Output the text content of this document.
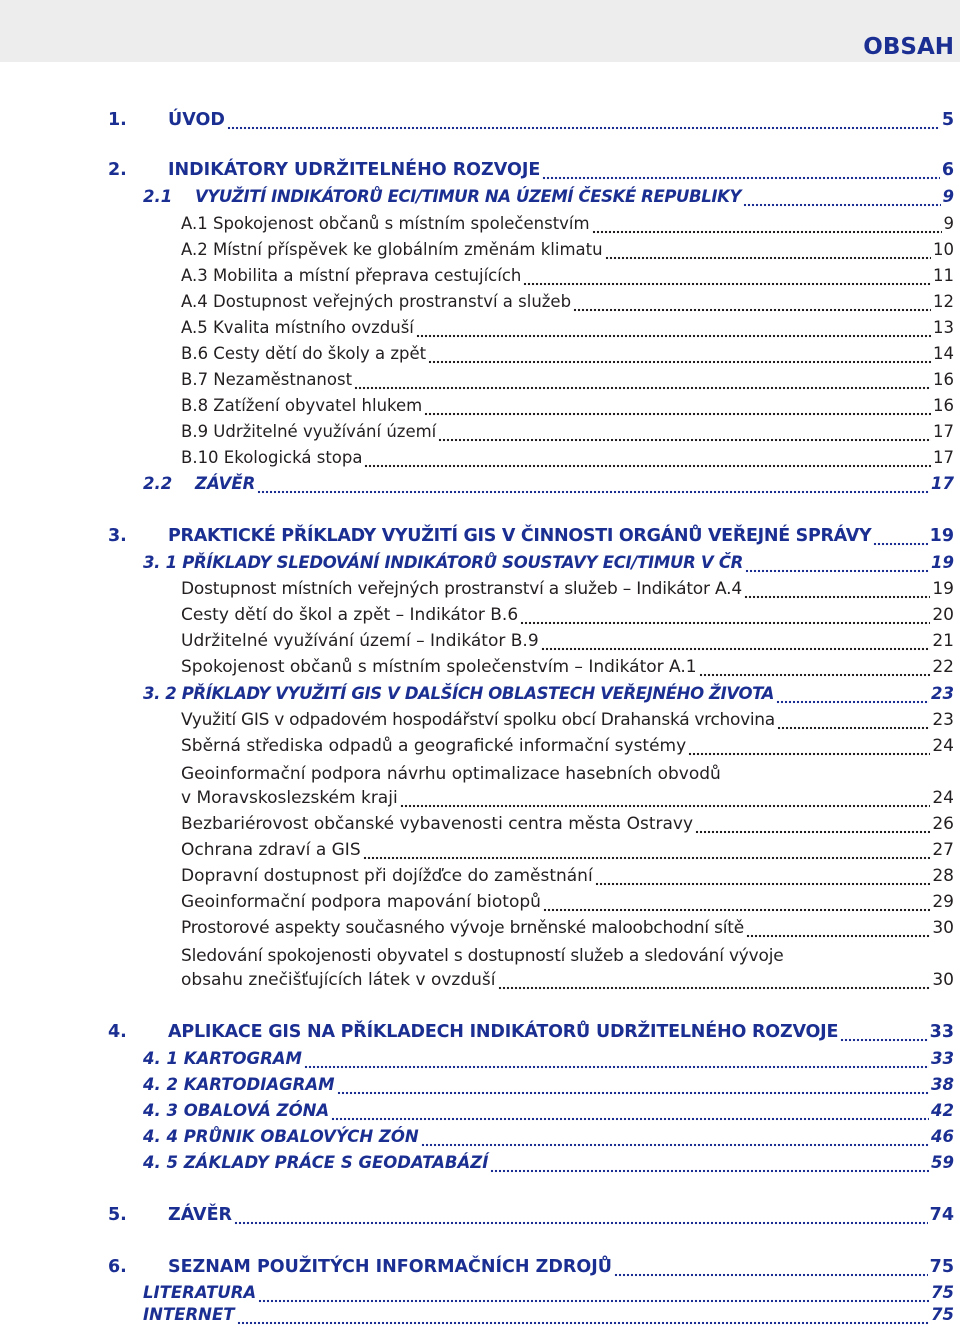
OBSAH
1.	ÚVOD	5
2.	INDIKÁTORY UDRŽITELNÉHO ROZVOJE	6
2.1	VYUŽITÍ INDIKÁTORŮ ECI/TIMUR NA ÚZEMÍ ČESKÉ REPUBLIKY	9
A.1 Spokojenost občanů s místním společenstvím	9
A.2 Místní příspěvek ke globálním změnám klimatu	10
A.3 Mobilita a místní přeprava cestujících	11
A.4 Dostupnost veřejných prostranství a služeb	12
A.5 Kvalita místního ovzduší	13
B.6 Cesty dětí do školy a zpět	14
B.7 Nezaměstnanost	16
B.8 Zatížení obyvatel hlukem	16
B.9 Udržitelné využívání území	17
B.10 Ekologická stopa	17
2.2	ZÁVĚR	17
3.	PRAKTICKÉ PŘÍKLADY VYUŽITÍ GIS V ČINNOSTI ORGÁNŮ VEŘEJNÉ SPRÁVY	19
3. 1 PŘÍKLADY SLEDOVÁNÍ INDIKÁTORŮ SOUSTAVY ECI/TIMUR V ČR	19
Dostupnost místních veřejných prostranství a služeb – Indikátor A.4	19
Cesty dětí do škol a zpět – Indikátor B.6	20
Udržitelné využívání území – Indikátor B.9	21
Spokojenost občanů s místním společenstvím – Indikátor A.1	22
3. 2 PŘÍKLADY VYUŽITÍ GIS V DALŠÍCH OBLASTECH VEŘEJNÉHO ŽIVOTA	23
Využití GIS v odpadovém hospodářství spolku obcí Drahanská vrchovina	23
Sběrná střediska odpadů a geografické informační systémy	24
Geoinformační podpora návrhu optimalizace hasebních obvodů
v Moravskoslezském kraji	24
Bezbariérovost občanské vybavenosti centra města Ostravy	26
Ochrana zdraví a GIS	27
Dopravní dostupnost při dojížďce do zaměstnání	28
Geoinformační podpora mapování biotopů	29
Prostorové aspekty současného vývoje brněnské maloobchodní sítě	30
Sledování spokojenosti obyvatel s dostupností služeb a sledování vývoje
obsahu znečišťujících látek v ovzduší	30
4.	APLIKACE GIS NA PŘÍKLADECH INDIKÁTORŮ UDRŽITELNÉHO ROZVOJE	33
4. 1 KARTOGRAM	33
4. 2 KARTODIAGRAM	38
4. 3 OBALOVÁ ZÓNA	42
4. 4 PRŮNIK OBALOVÝCH ZÓN	46
4. 5 ZÁKLADY PRÁCE S GEODATABÁZÍ	59
5.	ZÁVĚR	74
6.	SEZNAM POUŽITÝCH INFORMAČNÍCH ZDROJŮ	75
LITERATURA	75
INTERNET	75
